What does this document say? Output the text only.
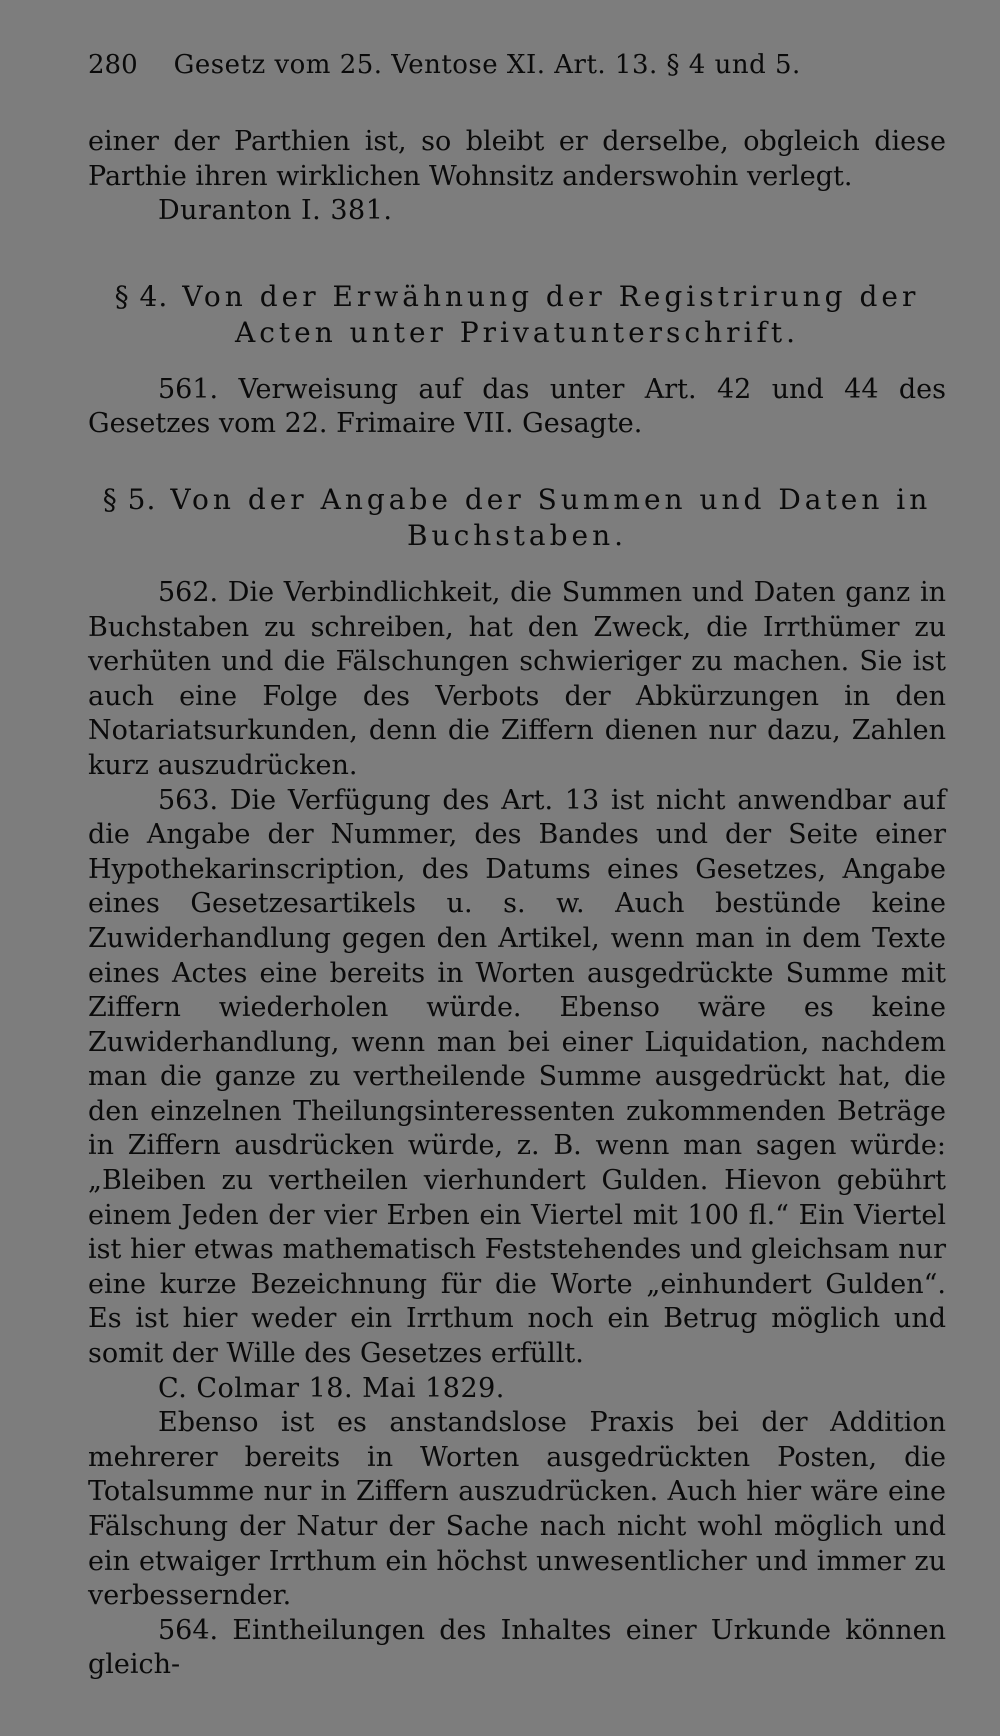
280 Gesetz vom 25. Ventose XI. Art. 13. § 4 und 5.

einer der Parthien ist, so bleibt er derselbe, obgleich diese Parthie ihren wirklichen Wohnsitz anderswohin verlegt.

Duranton I. 381.

§ 4. Von der Erwähnung der Registrirung der Acten unter Privatunterschrift.

561. Verweisung auf das unter Art. 42 und 44 des Gesetzes vom 22. Frimaire VII. Gesagte.

§ 5. Von der Angabe der Summen und Daten in Buchstaben.

562. Die Verbindlichkeit, die Summen und Daten ganz in Buchstaben zu schreiben, hat den Zweck, die Irrthümer zu verhüten und die Fälschungen schwieriger zu machen. Sie ist auch eine Folge des Verbots der Abkürzungen in den Notariatsurkunden, denn die Ziffern dienen nur dazu, Zahlen kurz auszudrücken.

563. Die Verfügung des Art. 13 ist nicht anwendbar auf die Angabe der Nummer, des Bandes und der Seite einer Hypothekarinscription, des Datums eines Gesetzes, Angabe eines Gesetzesartikels u. s. w. Auch bestünde keine Zuwiderhandlung gegen den Artikel, wenn man in dem Texte eines Actes eine bereits in Worten ausgedrückte Summe mit Ziffern wiederholen würde. Ebenso wäre es keine Zuwiderhandlung, wenn man bei einer Liquidation, nachdem man die ganze zu vertheilende Summe ausgedrückt hat, die den einzelnen Theilungsinteressenten zukommenden Beträge in Ziffern ausdrücken würde, z. B. wenn man sagen würde: „Bleiben zu vertheilen vierhundert Gulden. Hievon gebührt einem Jeden der vier Erben ein Viertel mit 100 fl.“ Ein Viertel ist hier etwas mathematisch Feststehendes und gleichsam nur eine kurze Bezeichnung für die Worte „einhundert Gulden“. Es ist hier weder ein Irrthum noch ein Betrug möglich und somit der Wille des Gesetzes erfüllt.

C. Colmar 18. Mai 1829.

Ebenso ist es anstandslose Praxis bei der Addition mehrerer bereits in Worten ausgedrückten Posten, die Totalsumme nur in Ziffern auszudrücken. Auch hier wäre eine Fälschung der Natur der Sache nach nicht wohl möglich und ein etwaiger Irrthum ein höchst unwesentlicher und immer zu verbessernder.

564. Eintheilungen des Inhaltes einer Urkunde können gleich-
